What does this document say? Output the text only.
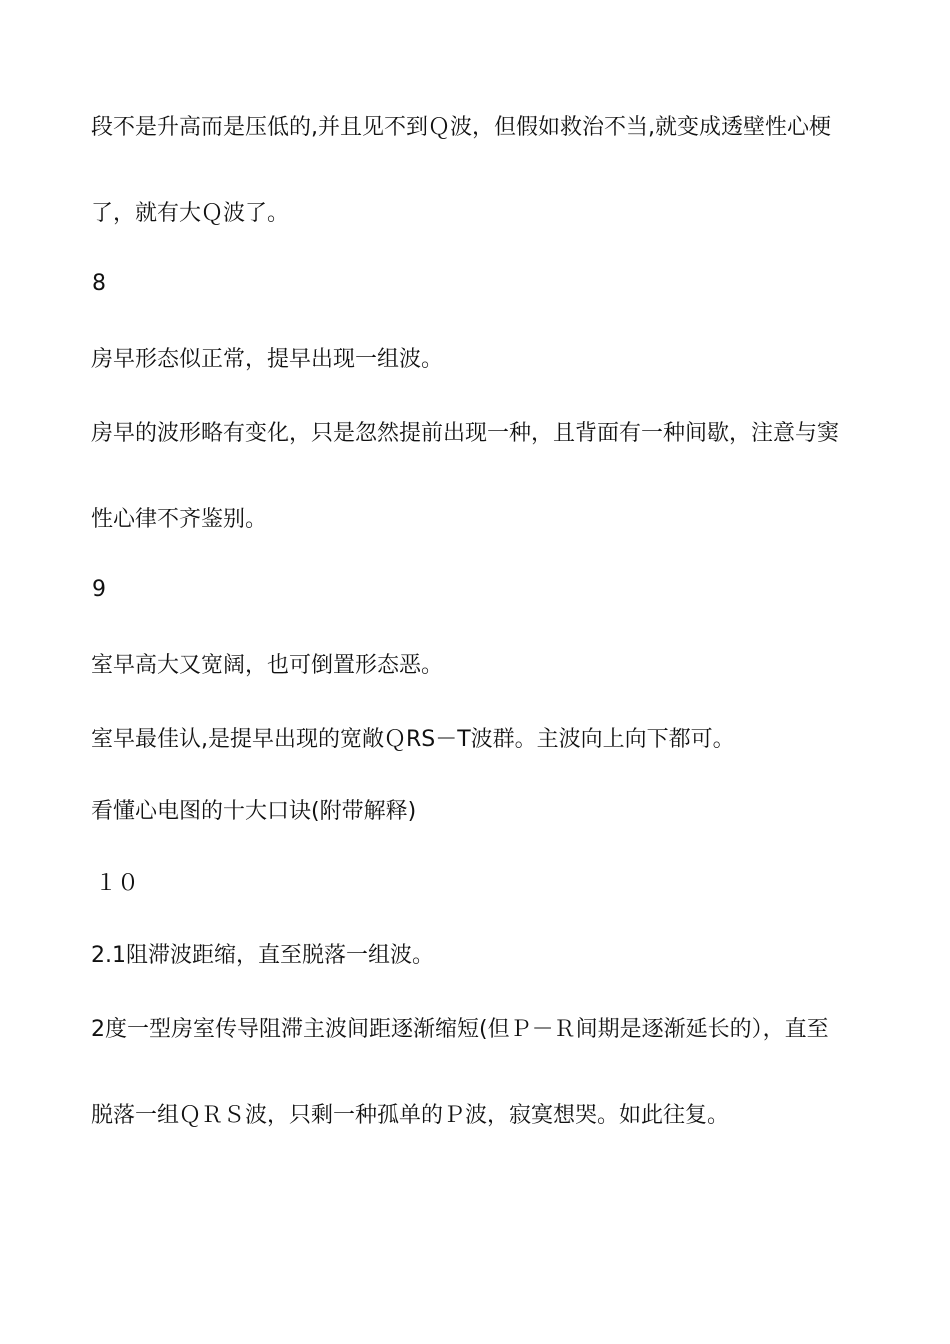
段不是升高而是压低的,并且见不到Ｑ波，但假如救治不当,就变成透壁性心梗
了，就有大Ｑ波了。
8
房早形态似正常，提早出现一组波。
房早的波形略有变化，只是忽然提前出现一种，且背面有一种间歇，注意与窦
性心律不齐鉴别。
9
室早高大又宽阔，也可倒置形态恶。
室早最佳认,是提早出现的宽敞ＱRS－T波群。主波向上向下都可。
看懂心电图的十大口诀(附带解释)
１０
2.1阻滞波距缩，直至脱落一组波。
2度一型房室传导阻滞主波间距逐渐缩短(但Ｐ－Ｒ间期是逐渐延长的），直至
脱落一组ＱＲＳ波，只剩一种孤单的Ｐ波，寂寞想哭。如此往复。
